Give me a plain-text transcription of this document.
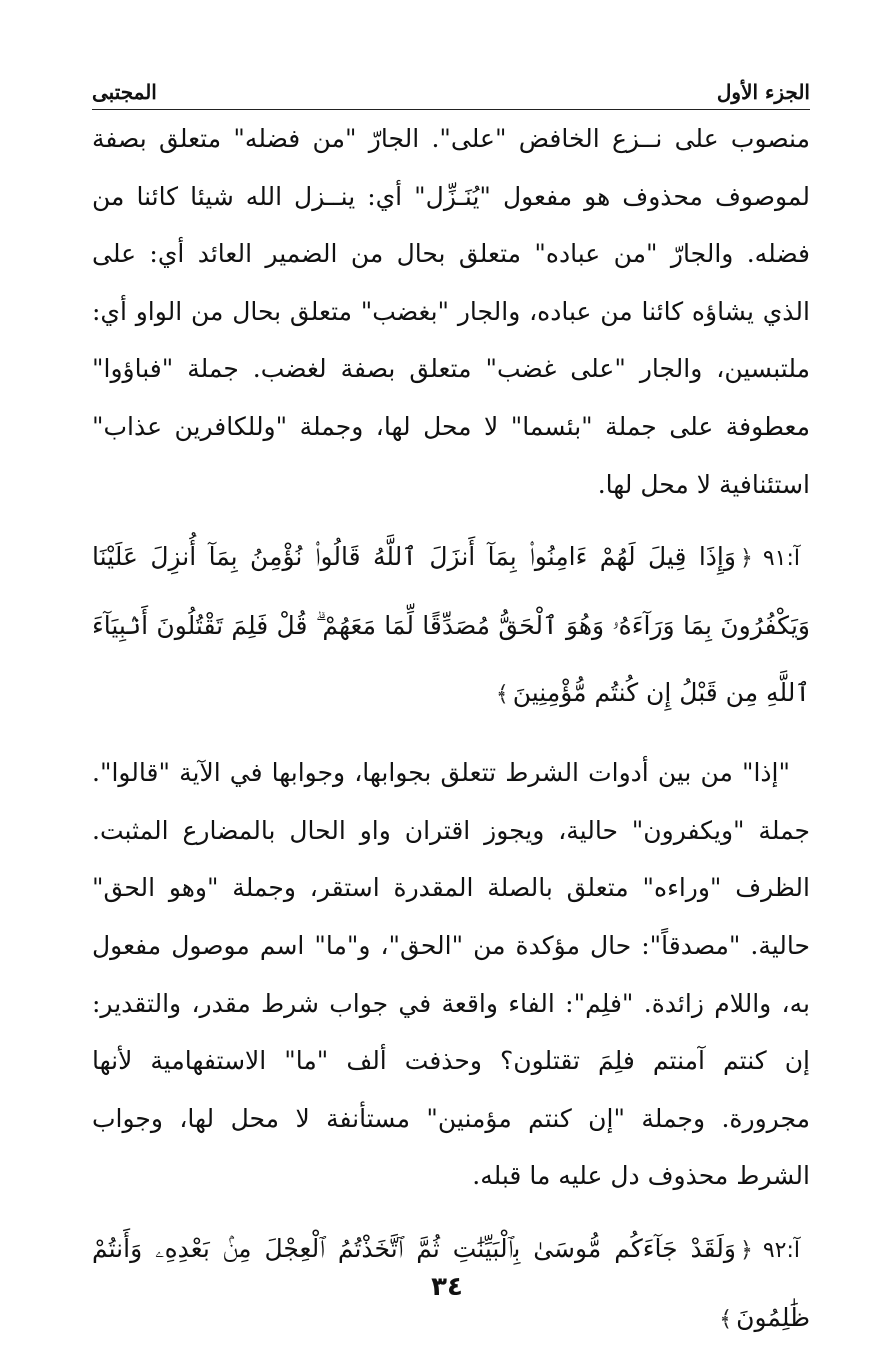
الجزء الأول
المجتبى

منصوب على نــزع الخافض "على". الجارّ "من فضله" متعلق بصفة لموصوف محذوف هو مفعول "يُنَـزِّل" أي: ينــزل الله شيئا كائنا من فضله. والجارّ "من عباده" متعلق بحال من الضمير العائد أي: على الذي يشاؤه كائنا من عباده، والجار "بغضب" متعلق بحال من الواو أي: ملتبسين، والجار "على غضب" متعلق بصفة لغضب. جملة "فباؤوا" معطوفة على جملة "بئسما" لا محل لها، وجملة "وللكافرين عذاب" استئنافية لا محل لها.

آ:٩١﴿وَإِذَا قِيلَ لَهُمْ ءَامِنُوا۟ بِمَآ أَنزَلَ ٱللَّهُ قَالُوا۟ نُؤْمِنُ بِمَآ أُنزِلَ عَلَيْنَا وَيَكْفُرُونَ بِمَا وَرَآءَهُۥ وَهُوَ ٱلْحَقُّ مُصَدِّقًا لِّمَا مَعَهُمْ ۗ قُلْ فَلِمَ تَقْتُلُونَ أَنۢبِيَآءَ ٱللَّهِ مِن قَبْلُ إِن كُنتُم مُّؤْمِنِينَ﴾

"إذا" من بين أدوات الشرط تتعلق بجوابها، وجوابها في الآية "قالوا". جملة "ويكفرون" حالية، ويجوز اقتران واو الحال بالمضارع المثبت. الظرف "وراءه" متعلق بالصلة المقدرة استقر، وجملة "وهو الحق" حالية. "مصدقاً": حال مؤكدة من "الحق"، و"ما" اسم موصول مفعول به، واللام زائدة. "فلِم": الفاء واقعة في جواب شرط مقدر، والتقدير: إن كنتم آمنتم فلِمَ تقتلون؟ وحذفت ألف "ما" الاستفهامية لأنها مجرورة. وجملة "إن كنتم مؤمنين" مستأنفة لا محل لها، وجواب الشرط محذوف دل عليه ما قبله.

آ:٩٢﴿وَلَقَدْ جَآءَكُم مُّوسَىٰ بِٱلْبَيِّنَٰتِ ثُمَّ ٱتَّخَذْتُمُ ٱلْعِجْلَ مِنۢ بَعْدِهِۦ وَأَنتُمْ ظَٰلِمُونَ﴾

٣٤
